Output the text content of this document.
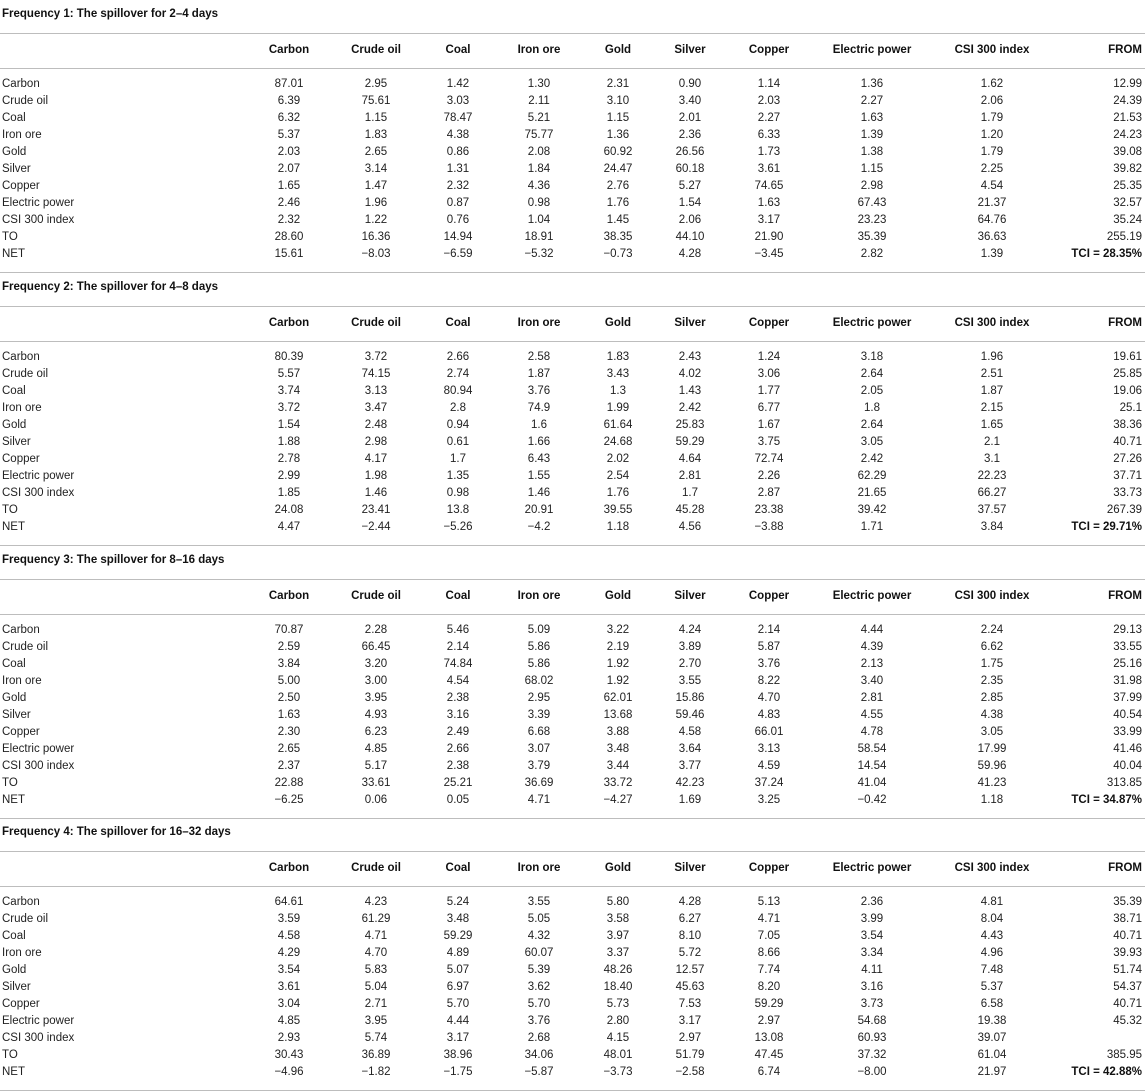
Frequency 1: The spillover for 2–4 days
Carbon	Crude oil	Coal	Iron ore	Gold	Silver	Copper	Electric power	CSI 300 index	FROM
Carbon	87.01	2.95	1.42	1.30	2.31	0.90	1.14	1.36	1.62	12.99
Crude oil	6.39	75.61	3.03	2.11	3.10	3.40	2.03	2.27	2.06	24.39
Coal	6.32	1.15	78.47	5.21	1.15	2.01	2.27	1.63	1.79	21.53
Iron ore	5.37	1.83	4.38	75.77	1.36	2.36	6.33	1.39	1.20	24.23
Gold	2.03	2.65	0.86	2.08	60.92	26.56	1.73	1.38	1.79	39.08
Silver	2.07	3.14	1.31	1.84	24.47	60.18	3.61	1.15	2.25	39.82
Copper	1.65	1.47	2.32	4.36	2.76	5.27	74.65	2.98	4.54	25.35
Electric power	2.46	1.96	0.87	0.98	1.76	1.54	1.63	67.43	21.37	32.57
CSI 300 index	2.32	1.22	0.76	1.04	1.45	2.06	3.17	23.23	64.76	35.24
TO	28.60	16.36	14.94	18.91	38.35	44.10	21.90	35.39	36.63	255.19
NET	15.61	−8.03	−6.59	−5.32	−0.73	4.28	−3.45	2.82	1.39	TCI = 28.35%
Frequency 2: The spillover for 4–8 days
Carbon	Crude oil	Coal	Iron ore	Gold	Silver	Copper	Electric power	CSI 300 index	FROM
Carbon	80.39	3.72	2.66	2.58	1.83	2.43	1.24	3.18	1.96	19.61
Crude oil	5.57	74.15	2.74	1.87	3.43	4.02	3.06	2.64	2.51	25.85
Coal	3.74	3.13	80.94	3.76	1.3	1.43	1.77	2.05	1.87	19.06
Iron ore	3.72	3.47	2.8	74.9	1.99	2.42	6.77	1.8	2.15	25.1
Gold	1.54	2.48	0.94	1.6	61.64	25.83	1.67	2.64	1.65	38.36
Silver	1.88	2.98	0.61	1.66	24.68	59.29	3.75	3.05	2.1	40.71
Copper	2.78	4.17	1.7	6.43	2.02	4.64	72.74	2.42	3.1	27.26
Electric power	2.99	1.98	1.35	1.55	2.54	2.81	2.26	62.29	22.23	37.71
CSI 300 index	1.85	1.46	0.98	1.46	1.76	1.7	2.87	21.65	66.27	33.73
TO	24.08	23.41	13.8	20.91	39.55	45.28	23.38	39.42	37.57	267.39
NET	4.47	−2.44	−5.26	−4.2	1.18	4.56	−3.88	1.71	3.84	TCI = 29.71%
Frequency 3: The spillover for 8–16 days
Carbon	Crude oil	Coal	Iron ore	Gold	Silver	Copper	Electric power	CSI 300 index	FROM
Carbon	70.87	2.28	5.46	5.09	3.22	4.24	2.14	4.44	2.24	29.13
Crude oil	2.59	66.45	2.14	5.86	2.19	3.89	5.87	4.39	6.62	33.55
Coal	3.84	3.20	74.84	5.86	1.92	2.70	3.76	2.13	1.75	25.16
Iron ore	5.00	3.00	4.54	68.02	1.92	3.55	8.22	3.40	2.35	31.98
Gold	2.50	3.95	2.38	2.95	62.01	15.86	4.70	2.81	2.85	37.99
Silver	1.63	4.93	3.16	3.39	13.68	59.46	4.83	4.55	4.38	40.54
Copper	2.30	6.23	2.49	6.68	3.88	4.58	66.01	4.78	3.05	33.99
Electric power	2.65	4.85	2.66	3.07	3.48	3.64	3.13	58.54	17.99	41.46
CSI 300 index	2.37	5.17	2.38	3.79	3.44	3.77	4.59	14.54	59.96	40.04
TO	22.88	33.61	25.21	36.69	33.72	42.23	37.24	41.04	41.23	313.85
NET	−6.25	0.06	0.05	4.71	−4.27	1.69	3.25	−0.42	1.18	TCI = 34.87%
Frequency 4: The spillover for 16–32 days
Carbon	Crude oil	Coal	Iron ore	Gold	Silver	Copper	Electric power	CSI 300 index	FROM
Carbon	64.61	4.23	5.24	3.55	5.80	4.28	5.13	2.36	4.81	35.39
Crude oil	3.59	61.29	3.48	5.05	3.58	6.27	4.71	3.99	8.04	38.71
Coal	4.58	4.71	59.29	4.32	3.97	8.10	7.05	3.54	4.43	40.71
Iron ore	4.29	4.70	4.89	60.07	3.37	5.72	8.66	3.34	4.96	39.93
Gold	3.54	5.83	5.07	5.39	48.26	12.57	7.74	4.11	7.48	51.74
Silver	3.61	5.04	6.97	3.62	18.40	45.63	8.20	3.16	5.37	54.37
Copper	3.04	2.71	5.70	5.70	5.73	7.53	59.29	3.73	6.58	40.71
Electric power	4.85	3.95	4.44	3.76	2.80	3.17	2.97	54.68	19.38	45.32
CSI 300 index	2.93	5.74	3.17	2.68	4.15	2.97	13.08	60.93	39.07
TO	30.43	36.89	38.96	34.06	48.01	51.79	47.45	37.32	61.04	385.95
NET	−4.96	−1.82	−1.75	−5.87	−3.73	−2.58	6.74	−8.00	21.97	TCI = 42.88%
